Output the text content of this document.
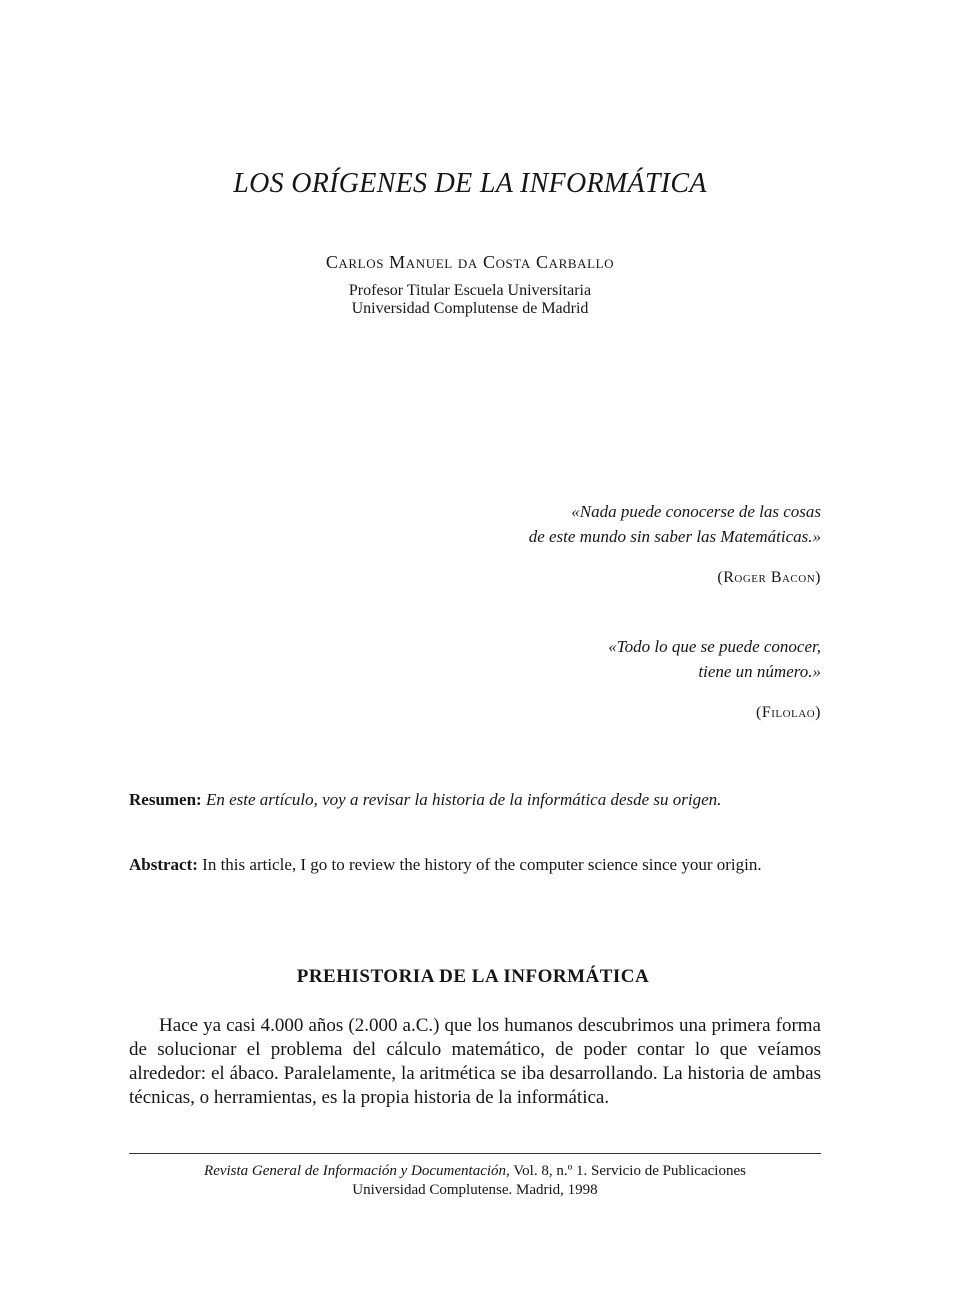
LOS ORÍGENES DE LA INFORMÁTICA
Carlos Manuel da Costa Carballo
Profesor Titular Escuela Universitaria
Universidad Complutense de Madrid
«Nada puede conocerse de las cosas
de este mundo sin saber las Matemáticas.»
(Roger Bacon)
«Todo lo que se puede conocer,
tiene un número.»
(Filolao)

Resumen: En este artículo, voy a revisar la historia de la informática desde su origen.

Abstract: In this article, I go to review the history of the computer science since your origin.

PREHISTORIA DE LA INFORMÁTICA

Hace ya casi 4.000 años (2.000 a.C.) que los humanos descubrimos una primera forma de solucionar el problema del cálculo matemático, de poder contar lo que veíamos alrededor: el ábaco. Paralelamente, la aritmética se iba desarrollando. La historia de ambas técnicas, o herramientas, es la propia historia de la informática.

Revista General de Información y Documentación, Vol. 8, n.º 1. Servicio de Publicaciones
Universidad Complutense. Madrid, 1998
